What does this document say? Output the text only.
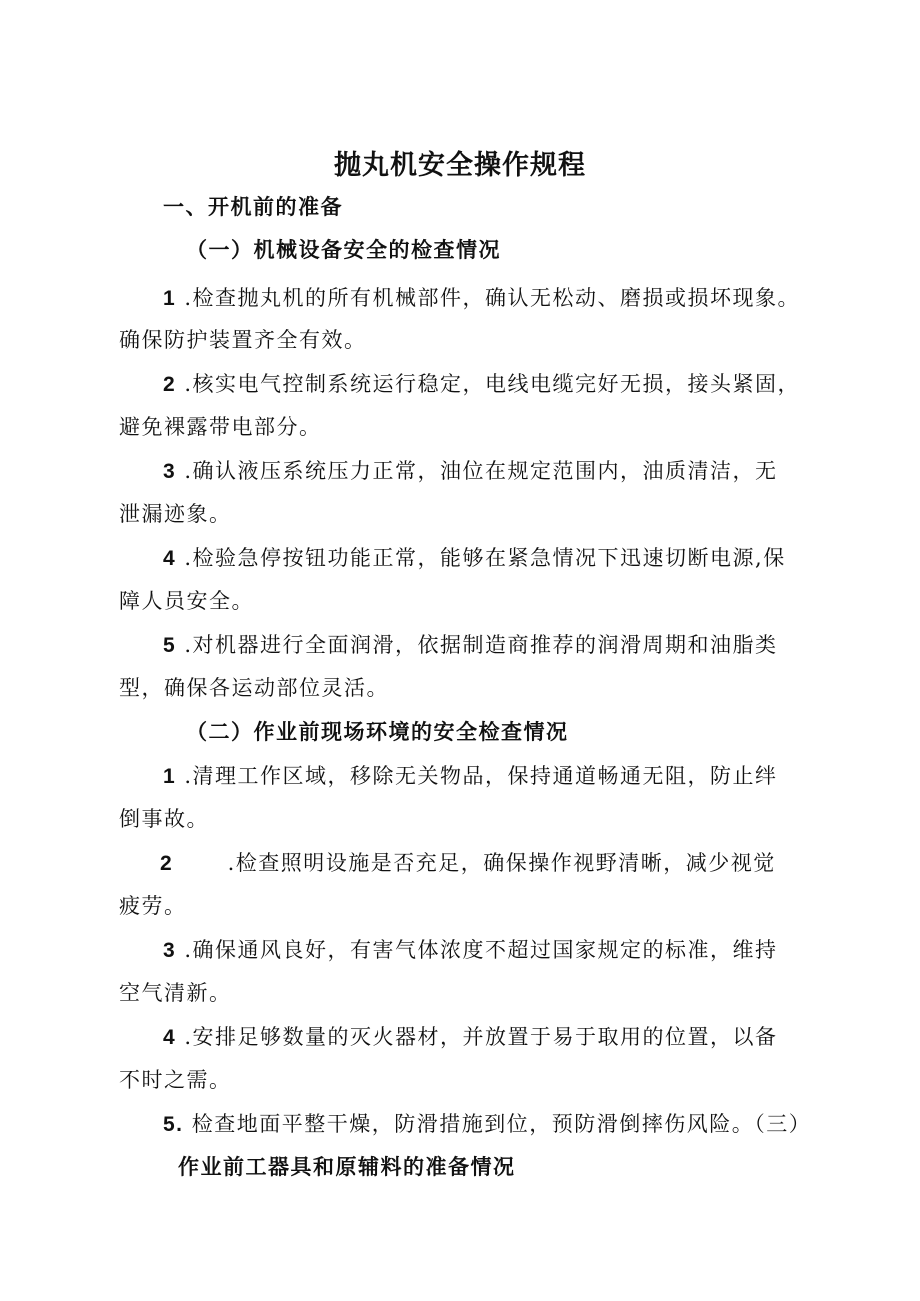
抛丸机安全操作规程
一、开机前的准备
（一）机械设备安全的检查情况
1 .检查抛丸机的所有机械部件，确认无松动、磨损或损坏现象。
确保防护装置齐全有效。
2 .核实电气控制系统运行稳定，电线电缆完好无损，接头紧固，
避免裸露带电部分。
3 .确认液压系统压力正常，油位在规定范围内，油质清洁，无
泄漏迹象。
4 .检验急停按钮功能正常，能够在紧急情况下迅速切断电源,保
障人员安全。
5 .对机器进行全面润滑，依据制造商推荐的润滑周期和油脂类
型，确保各运动部位灵活。
（二）作业前现场环境的安全检查情况
1 .清理工作区域，移除无关物品，保持通道畅通无阻，防止绊
倒事故。
2	.检查照明设施是否充足，确保操作视野清晰，减少视觉
疲劳。
3 .确保通风良好，有害气体浓度不超过国家规定的标准，维持
空气清新。
4 .安排足够数量的灭火器材，并放置于易于取用的位置，以备
不时之需。
5. 检查地面平整干燥，防滑措施到位，预防滑倒摔伤风险。（三）
作业前工器具和原辅料的准备情况
